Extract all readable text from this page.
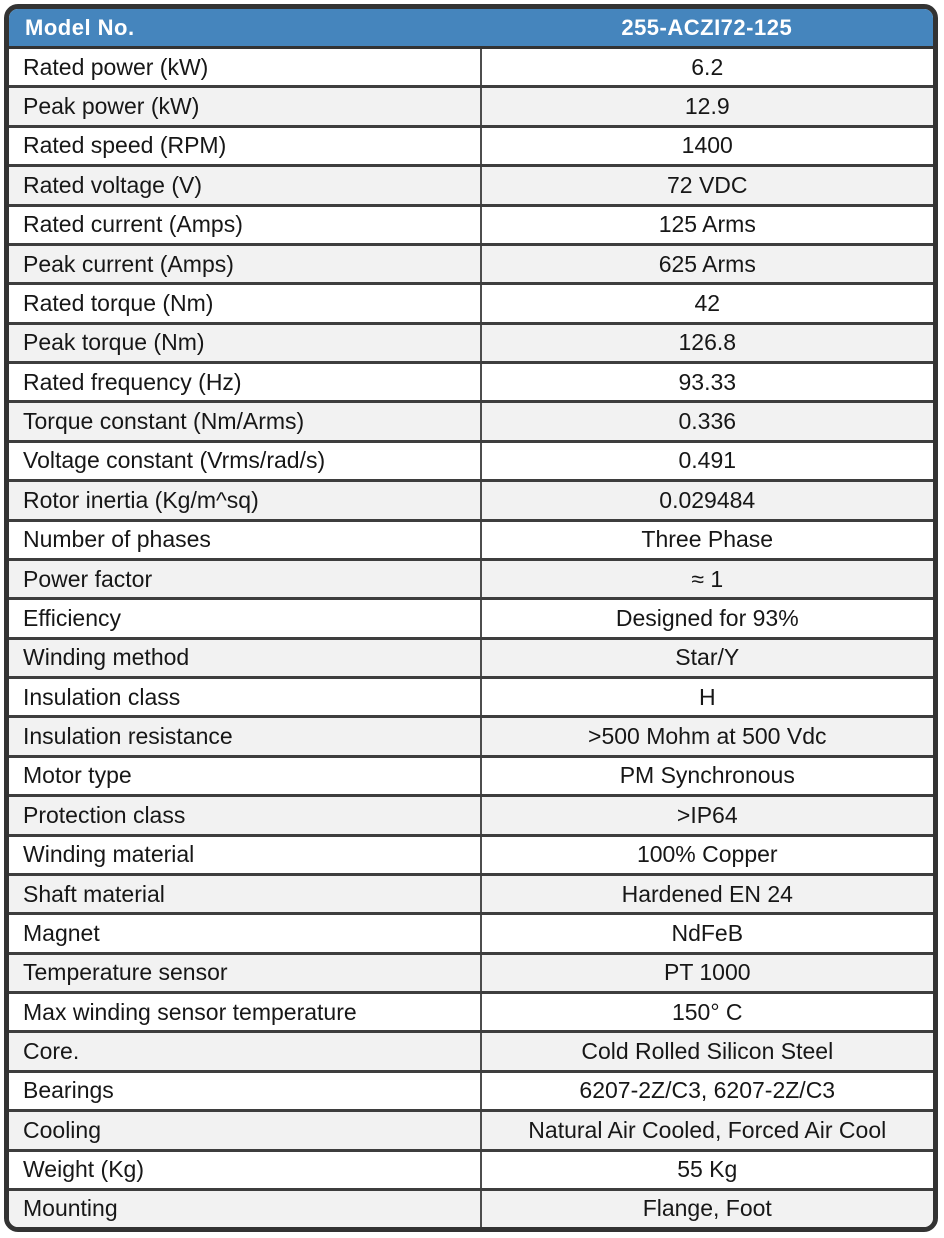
Model No.	255-ACZI72-125
Rated power (kW)	6.2
Peak power (kW)	12.9
Rated speed (RPM)	1400
Rated voltage (V)	72 VDC
Rated current (Amps)	125 Arms
Peak current (Amps)	625 Arms
Rated torque (Nm)	42
Peak torque (Nm)	126.8
Rated frequency (Hz)	93.33
Torque constant (Nm/Arms)	0.336
Voltage constant (Vrms/rad/s)	0.491
Rotor inertia (Kg/m^sq)	0.029484
Number of phases	Three Phase
Power factor	≈ 1
Efficiency	Designed for 93%
Winding method	Star/Y
Insulation class	H
Insulation resistance	>500 Mohm at 500 Vdc
Motor type	PM Synchronous
Protection class	>IP64
Winding material	100% Copper
Shaft material	Hardened EN 24
Magnet	NdFeB
Temperature sensor	PT 1000
Max winding sensor temperature	150° C
Core.	Cold Rolled Silicon Steel
Bearings	6207-2Z/C3, 6207-2Z/C3
Cooling	Natural Air Cooled, Forced Air Cool
Weight (Kg)	55 Kg
Mounting	Flange, Foot
